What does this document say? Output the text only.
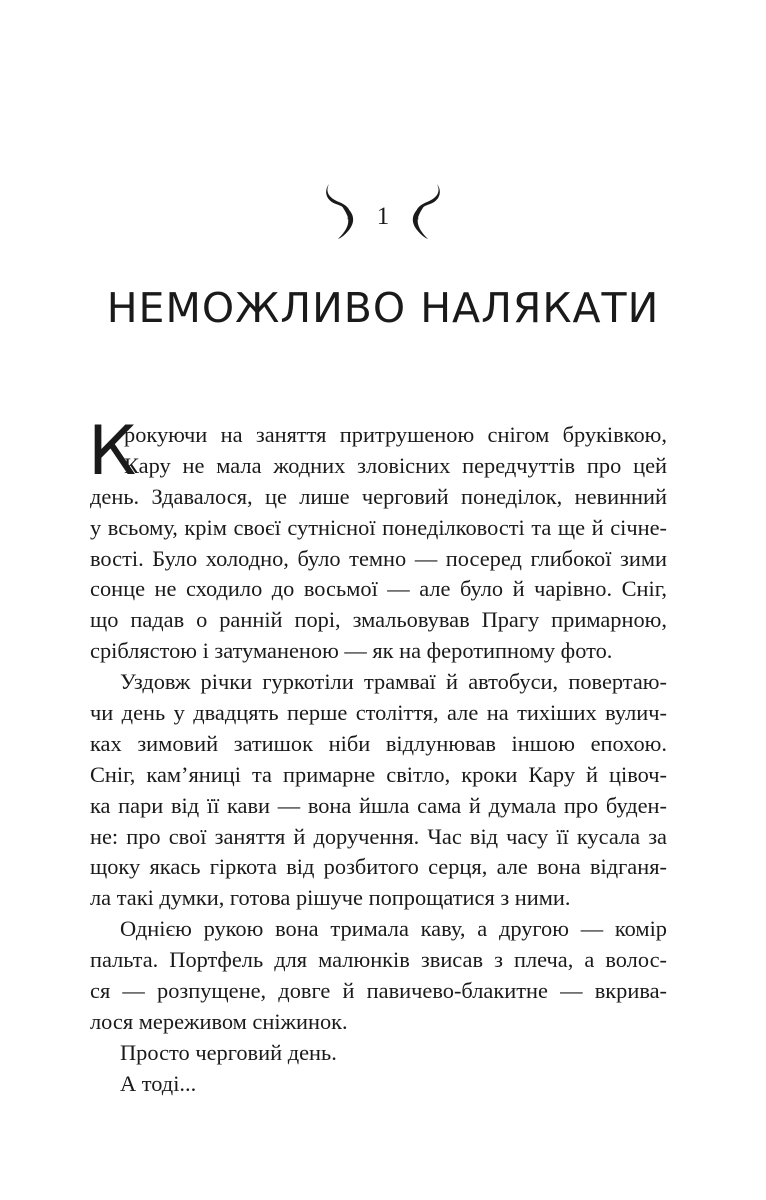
1
НЕМОЖЛИВО НАЛЯКАТИ
К
рокуючи на заняття притрушеною снігом бруківкою,
Кару не мала жодних зловісних передчуттів про цей
день. Здавалося, це лише черговий понеділок, невинний
у всьому, крім своєї сутнісної понеділковості та ще й січне-
вості. Було холодно, було темно — посеред глибокої зими
сонце не сходило до восьмої — але було й чарівно. Сніг,
що падав о ранній порі, змальовував Прагу примарною,
сріблястою і затуманеною — як на феротипному фото.
Уздовж річки гуркотіли трамваї й автобуси, повертаю-
чи день у двадцять перше століття, але на тихіших вулич-
ках зимовий затишок ніби відлунював іншою епохою.
Сніг, кам’яниці та примарне світло, кроки Кару й цівоч-
ка пари від її кави — вона йшла сама й думала про буден-
не: про свої заняття й доручення. Час від часу її кусала за
щоку якась гіркота від розбитого серця, але вона відганя-
ла такі думки, готова рішуче попрощатися з ними.
Однією рукою вона тримала каву, а другою — комір
пальта. Портфель для малюнків звисав з плеча, а волос-
ся — розпущене, довге й павичево-блакитне — вкрива-
лося мереживом сніжинок.
Просто черговий день.
А тоді...
